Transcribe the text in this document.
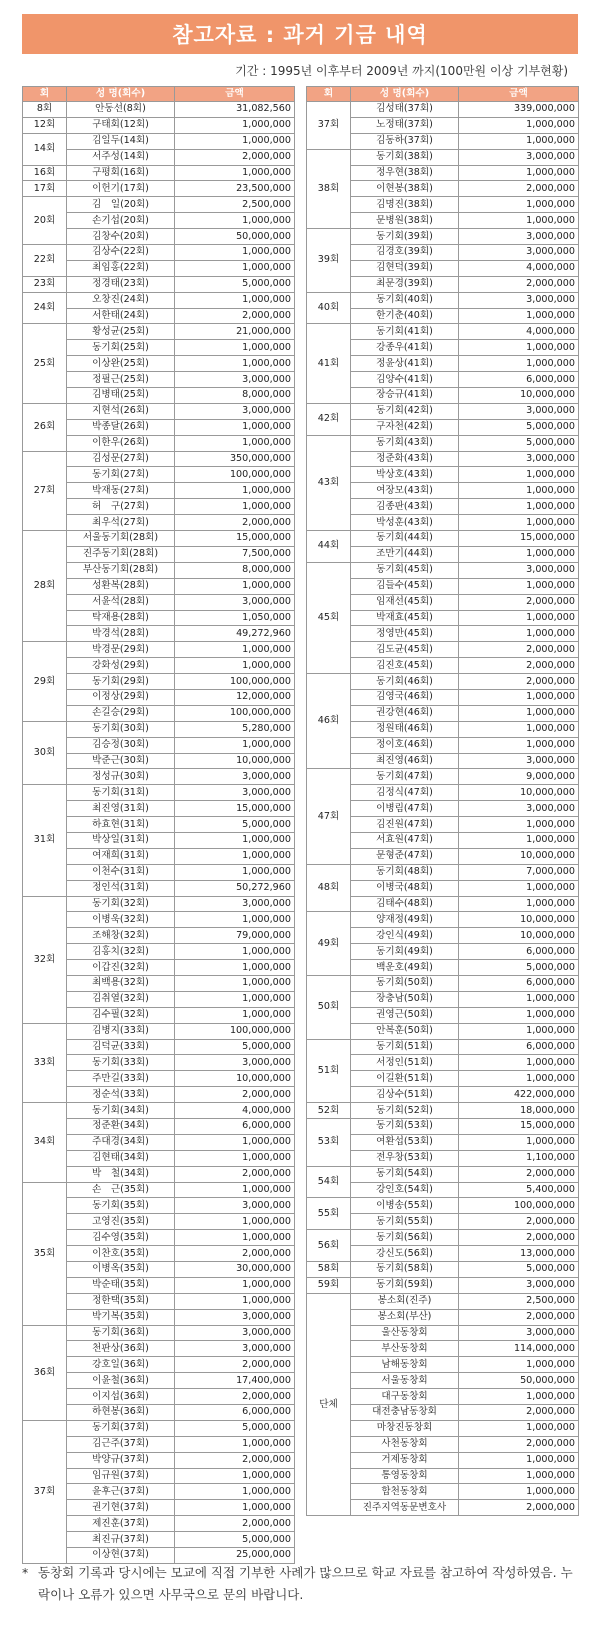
참고자료 : 과거 기금 내역
기간 : 1995년 이후부터 2009년 까지(100만원 이상 기부현황)
회	성 명(회수)	금액
8회	안동선(8회)	31,082,560
12회	구태회(12회)	1,000,000
14회	김일두(14회)	1,000,000
	서주성(14회)	2,000,000
16회	구평회(16회)	1,000,000
17회	이헌기(17회)	23,500,000
20회	김　일(20회)	2,500,000
	손기섭(20회)	1,000,000
	김창수(20회)	50,000,000
22회	김상수(22회)	1,000,000
	최임홍(22회)	1,000,000
23회	정경태(23회)	5,000,000
24회	오창진(24회)	1,000,000
	서한태(24회)	2,000,000
25회	황성균(25회)	21,000,000
	동기회(25회)	1,000,000
	이상완(25회)	1,000,000
	정필근(25회)	3,000,000
	김병태(25회)	8,000,000
26회	지현석(26회)	3,000,000
	박종달(26회)	1,000,000
	이한우(26회)	1,000,000
27회	김성문(27회)	350,000,000
	동기회(27회)	100,000,000
	박재동(27회)	1,000,000
	허　구(27회)	1,000,000
	최우석(27회)	2,000,000
28회	서울동기회(28회)	15,000,000
	진주동기회(28회)	7,500,000
	부산동기회(28회)	8,000,000
	성환복(28회)	1,000,000
	서윤석(28회)	3,000,000
	탁재용(28회)	1,050,000
	박경석(28회)	49,272,960
29회	박경문(29회)	1,000,000
	강화성(29회)	1,000,000
	동기회(29회)	100,000,000
	이정상(29회)	12,000,000
	손길승(29회)	100,000,000
30회	동기회(30회)	5,280,000
	김승정(30회)	1,000,000
	박준근(30회)	10,000,000
	정성규(30회)	3,000,000
31회	동기회(31회)	3,000,000
	최진영(31회)	15,000,000
	하효현(31회)	5,000,000
	박상일(31회)	1,000,000
	여재희(31회)	1,000,000
	이천수(31회)	1,000,000
	정인석(31회)	50,272,960
32회	동기회(32회)	3,000,000
	이병욱(32회)	1,000,000
	조해창(32회)	79,000,000
	김홍치(32회)	1,000,000
	이갑진(32회)	1,000,000
	최백용(32회)	1,000,000
	김취열(32회)	1,000,000
	김수필(32회)	1,000,000
33회	김병지(33회)	100,000,000
	김덕균(33회)	5,000,000
	동기회(33회)	3,000,000
	주만길(33회)	10,000,000
	정순석(33회)	2,000,000
34회	동기회(34회)	4,000,000
	정준환(34회)	6,000,000
	주대경(34회)	1,000,000
	김현태(34회)	1,000,000
	박　철(34회)	2,000,000
35회	손　근(35회)	1,000,000
	동기회(35회)	3,000,000
	고영진(35회)	1,000,000
	김수영(35회)	1,000,000
	이찬호(35회)	2,000,000
	이병옥(35회)	30,000,000
	박순태(35회)	1,000,000
	정한택(35회)	1,000,000
	박기복(35회)	3,000,000
36회	동기회(36회)	3,000,000
	천판상(36회)	3,000,000
	강호일(36회)	2,000,000
	이윤철(36회)	17,400,000
	이지섭(36회)	2,000,000
	하현봉(36회)	6,000,000
37회	동기회(37회)	5,000,000
	김근주(37회)	1,000,000
	박양규(37회)	2,000,000
	임규원(37회)	1,000,000
	윤후근(37회)	1,000,000
	권기현(37회)	1,000,000
	제진훈(37회)	2,000,000
	최진규(37회)	5,000,000
	이상현(37회)	25,000,000
회	성 명(회수)	금액
37회	김성태(37회)	339,000,000
	노정태(37회)	1,000,000
	김동하(37회)	1,000,000
38회	동기회(38회)	3,000,000
	정우현(38회)	1,000,000
	이현봉(38회)	2,000,000
	김명진(38회)	1,000,000
	문병원(38회)	1,000,000
39회	동기회(39회)	3,000,000
	김경호(39회)	3,000,000
	김현덕(39회)	4,000,000
	최문경(39회)	2,000,000
40회	동기회(40회)	3,000,000
	한기춘(40회)	1,000,000
41회	동기회(41회)	4,000,000
	강종우(41회)	1,000,000
	정윤상(41회)	1,000,000
	김양수(41회)	6,000,000
	장승규(41회)	10,000,000
42회	동기회(42회)	3,000,000
	구자천(42회)	5,000,000
43회	동기회(43회)	5,000,000
	정준화(43회)	3,000,000
	박상호(43회)	1,000,000
	여장모(43회)	1,000,000
	김종판(43회)	1,000,000
	박성훈(43회)	1,000,000
44회	동기회(44회)	15,000,000
	조만기(44회)	1,000,000
45회	동기회(45회)	3,000,000
	김들수(45회)	1,000,000
	임재선(45회)	2,000,000
	박재효(45회)	1,000,000
	정영만(45회)	1,000,000
	김도균(45회)	2,000,000
	김진호(45회)	2,000,000
46회	동기회(46회)	2,000,000
	김영국(46회)	1,000,000
	권강현(46회)	1,000,000
	정원태(46회)	1,000,000
	정이호(46회)	1,000,000
	최진영(46회)	3,000,000
47회	동기회(47회)	9,000,000
	김정식(47회)	10,000,000
	이병림(47회)	3,000,000
	김진원(47회)	1,000,000
	서효원(47회)	1,000,000
	문형준(47회)	10,000,000
48회	동기회(48회)	7,000,000
	이병국(48회)	1,000,000
	김태수(48회)	1,000,000
49회	양재정(49회)	10,000,000
	강인식(49회)	10,000,000
	동기회(49회)	6,000,000
	백운호(49회)	5,000,000
50회	동기회(50회)	6,000,000
	장충남(50회)	1,000,000
	권영근(50회)	1,000,000
	안복훈(50회)	1,000,000
51회	동기회(51회)	6,000,000
	서정인(51회)	1,000,000
	이길환(51회)	1,000,000
	김상수(51회)	422,000,000
52회	동기회(52회)	18,000,000
53회	동기회(53회)	15,000,000
	여환섭(53회)	1,000,000
	전우창(53회)	1,100,000
54회	동기회(54회)	2,000,000
	강인호(54회)	5,400,000
55회	이병송(55회)	100,000,000
	동기회(55회)	2,000,000
56회	동기회(56회)	2,000,000
	강신도(56회)	13,000,000
58회	동기회(58회)	5,000,000
59회	동기회(59회)	3,000,000
단체	봉소회(진주)	2,500,000
	봉소회(부산)	2,000,000
	울산동창회	3,000,000
	부산동창회	114,000,000
	남해동창회	1,000,000
	서울동창회	50,000,000
	대구동창회	1,000,000
	대전충남동창회	2,000,000
	마창진동창회	1,000,000
	사천동창회	2,000,000
	거제동창회	1,000,000
	통영동창회	1,000,000
	합천동창회	1,000,000
	진주지역동문변호사	2,000,000
* 동창회 기록과 당시에는 모교에 직접 기부한 사례가 많으므로 학교 자료를 참고하여 작성하였음. 누락이나 오류가 있으면 사무국으로 문의 바랍니다.
